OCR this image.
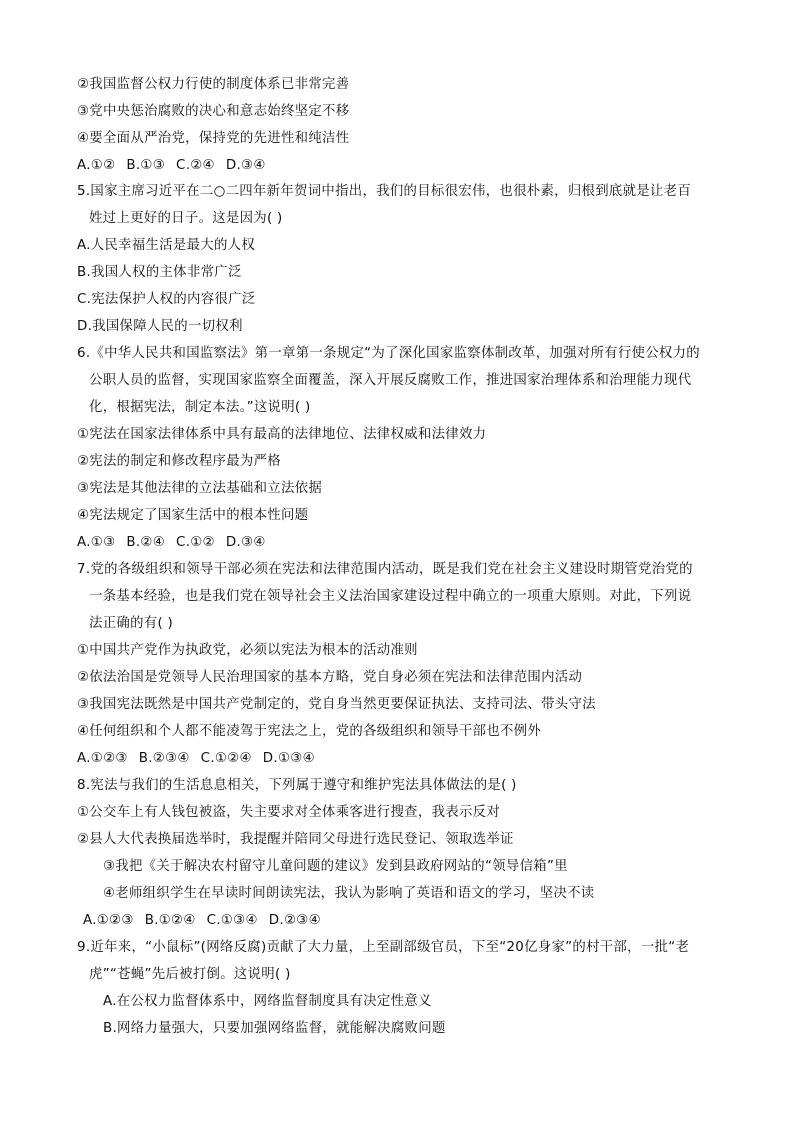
②我国监督公权力行使的制度体系已非常完善
③党中央惩治腐败的决心和意志始终坚定不移
④要全面从严治党，保持党的先进性和纯洁性
A.①② B.①③ C.②④ D.③④
5.国家主席习近平在二○二四年新年贺词中指出，我们的目标很宏伟，也很朴素，归根到底就是让老百
姓过上更好的日子。这是因为( )
A.人民幸福生活是最大的人权
B.我国人权的主体非常广泛
C.宪法保护人权的内容很广泛
D.我国保障人民的一切权利
6.《中华人民共和国监察法》第一章第一条规定“为了深化国家监察体制改革，加强对所有行使公权力的
公职人员的监督，实现国家监察全面覆盖，深入开展反腐败工作，推进国家治理体系和治理能力现代
化，根据宪法，制定本法。”这说明( )
①宪法在国家法律体系中具有最高的法律地位、法律权威和法律效力
②宪法的制定和修改程序最为严格
③宪法是其他法律的立法基础和立法依据
④宪法规定了国家生活中的根本性问题
A.①③ B.②④ C.①② D.③④
7.党的各级组织和领导干部必须在宪法和法律范围内活动，既是我们党在社会主义建设时期管党治党的
一条基本经验，也是我们党在领导社会主义法治国家建设过程中确立的一项重大原则。对此，下列说
法正确的有( )
①中国共产党作为执政党，必须以宪法为根本的活动准则
②依法治国是党领导人民治理国家的基本方略，党自身必须在宪法和法律范围内活动
③我国宪法既然是中国共产党制定的，党自身当然更要保证执法、支持司法、带头守法
④任何组织和个人都不能凌驾于宪法之上，党的各级组织和领导干部也不例外
A.①②③ B.②③④ C.①②④ D.①③④
8.宪法与我们的生活息息相关，下列属于遵守和维护宪法具体做法的是( )
①公交车上有人钱包被盗，失主要求对全体乘客进行搜查，我表示反对
②县人大代表换届选举时，我提醒并陪同父母进行选民登记、领取选举证
③我把《关于解决农村留守儿童问题的建议》发到县政府网站的“领导信箱”里
④老师组织学生在早读时间朗读宪法，我认为影响了英语和语文的学习，坚决不读
A.①②③ B.①②④ C.①③④ D.②③④
9.近年来，“小鼠标”(网络反腐)贡献了大力量，上至副部级官员，下至“20亿身家”的村干部，一批“老
虎”“苍蝇”先后被打倒。这说明( )
A.在公权力监督体系中，网络监督制度具有决定性意义
B.网络力量强大，只要加强网络监督，就能解决腐败问题
